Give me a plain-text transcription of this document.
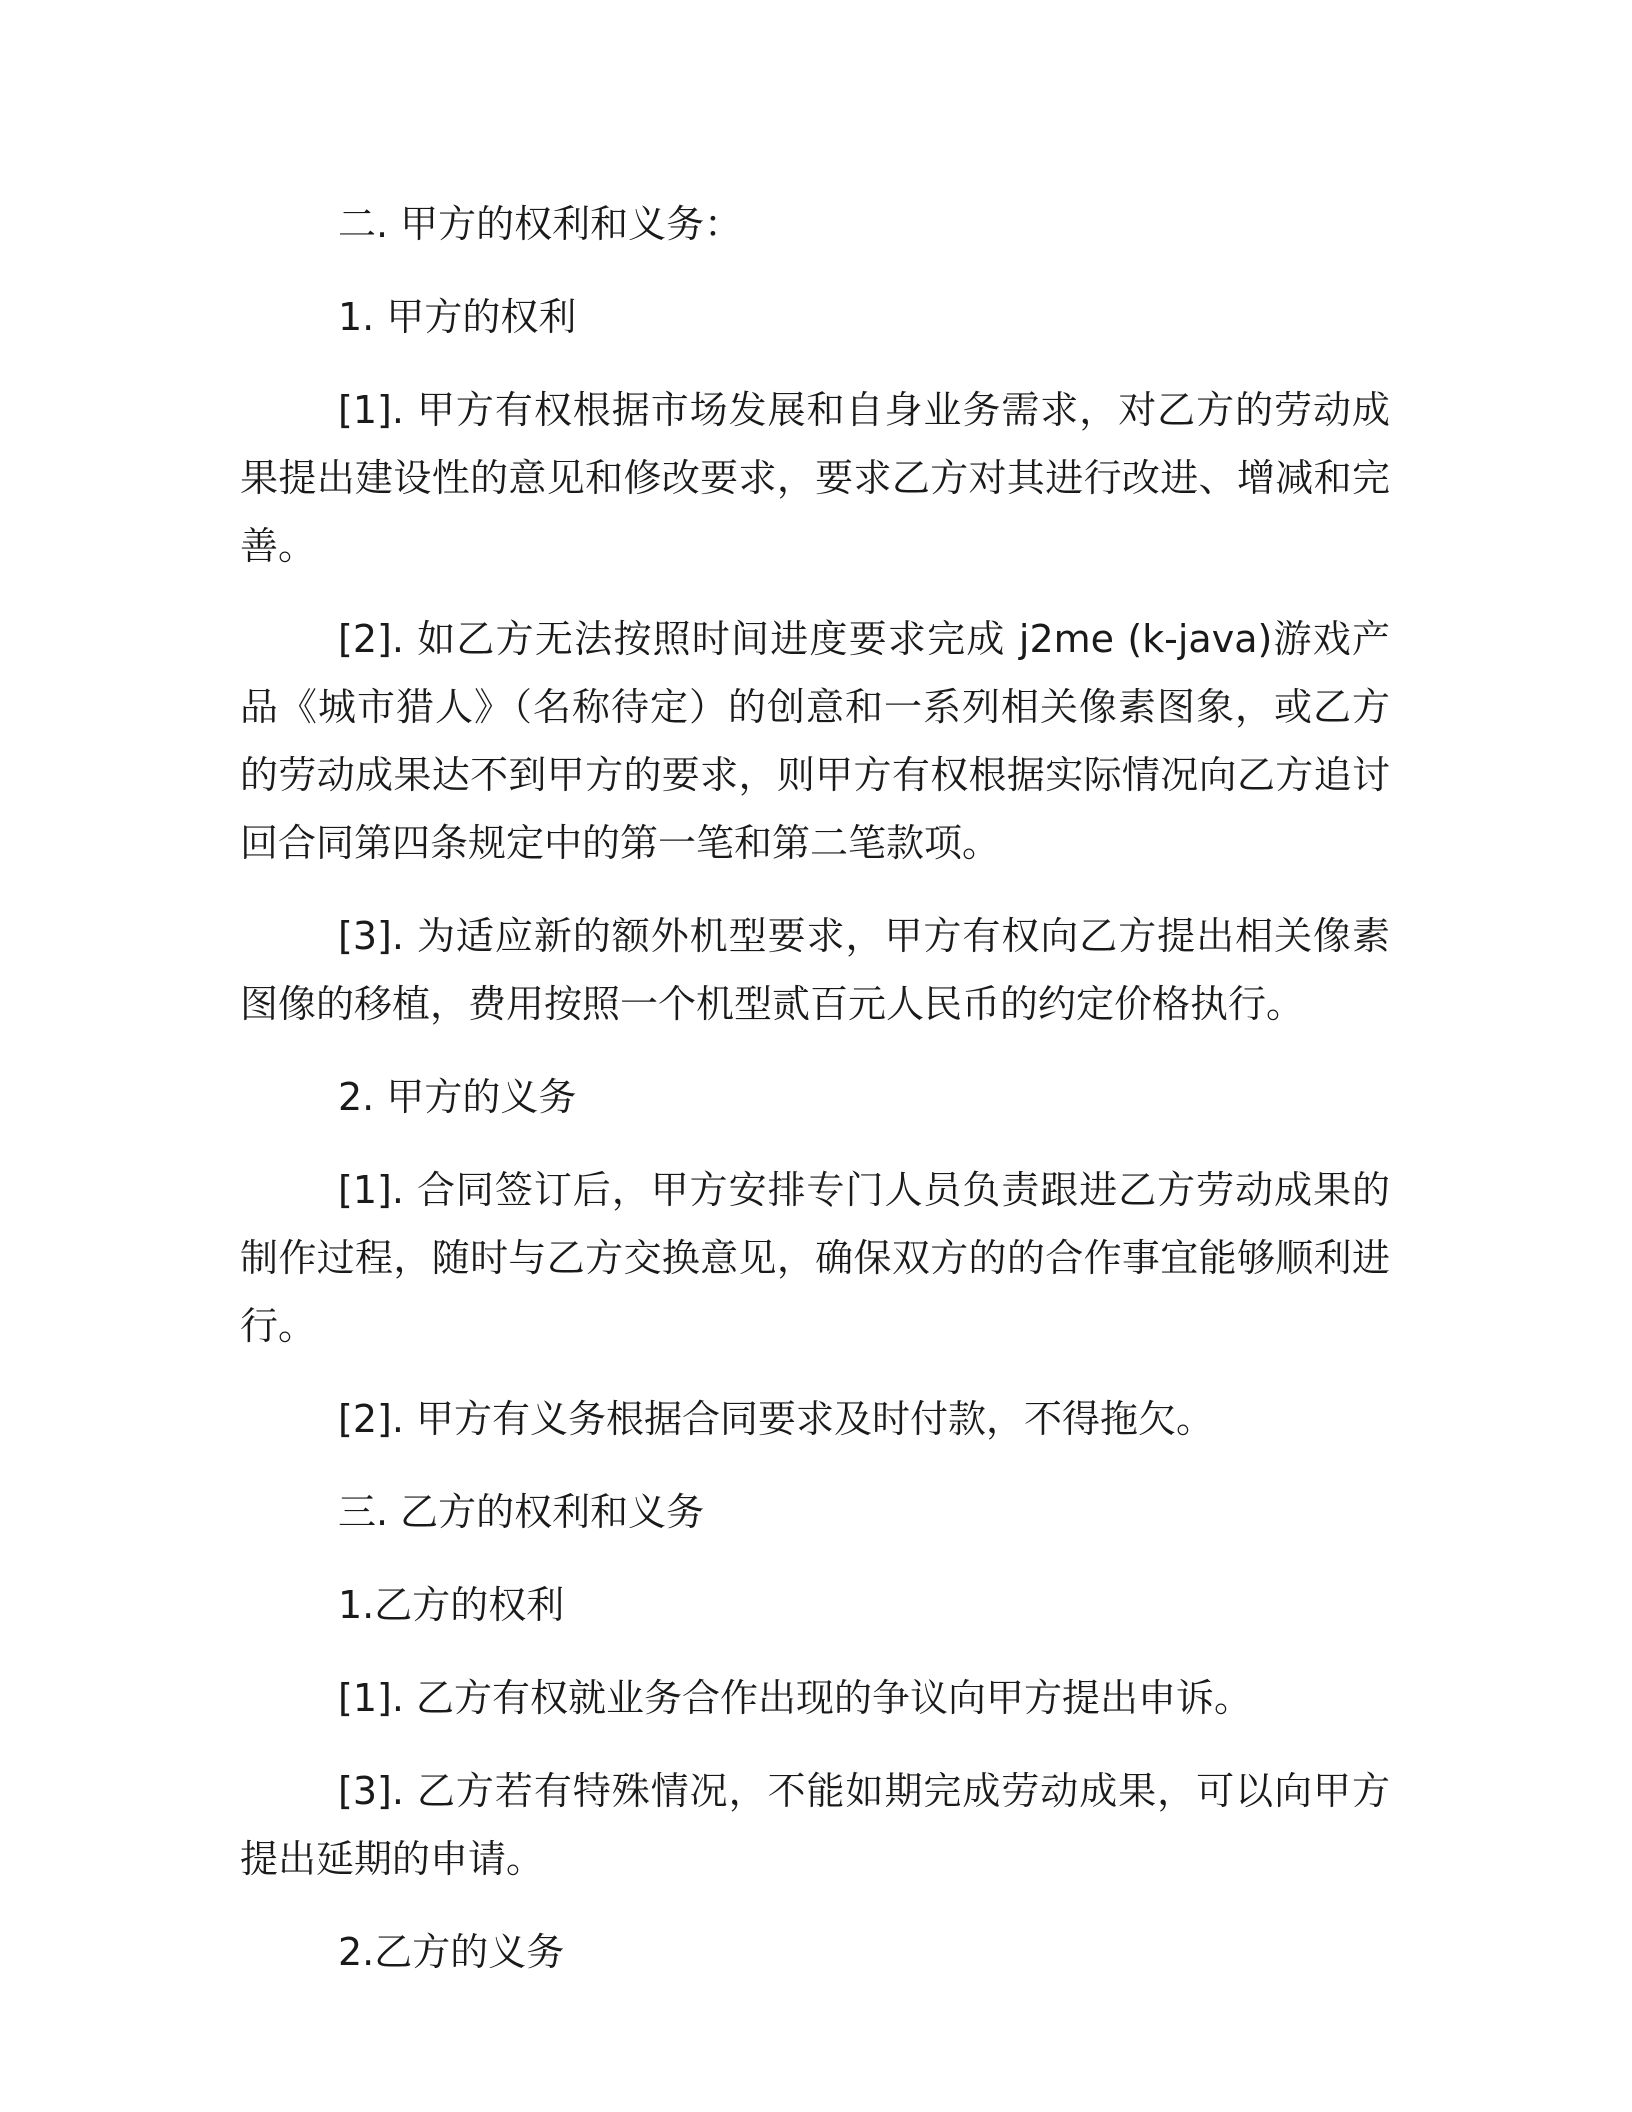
二. 甲方的权利和义务：

1. 甲方的权利

[1]. 甲方有权根据市场发展和自身业务需求，对乙方的劳动成果提出建设性的意见和修改要求，要求乙方对其进行改进、增减和完善。

[2]. 如乙方无法按照时间进度要求完成 j2me (k-java)游戏产品《城市猎人》（名称待定）的创意和一系列相关像素图象，或乙方的劳动成果达不到甲方的要求，则甲方有权根据实际情况向乙方追讨回合同第四条规定中的第一笔和第二笔款项。

[3]. 为适应新的额外机型要求，甲方有权向乙方提出相关像素图像的移植，费用按照一个机型贰百元人民币的约定价格执行。

2. 甲方的义务

[1]. 合同签订后，甲方安排专门人员负责跟进乙方劳动成果的制作过程，随时与乙方交换意见，确保双方的的合作事宜能够顺利进行。

[2]. 甲方有义务根据合同要求及时付款，不得拖欠。

三. 乙方的权利和义务

1.乙方的权利

[1]. 乙方有权就业务合作出现的争议向甲方提出申诉。

[3]. 乙方若有特殊情况，不能如期完成劳动成果，可以向甲方提出延期的申请。

2.乙方的义务
